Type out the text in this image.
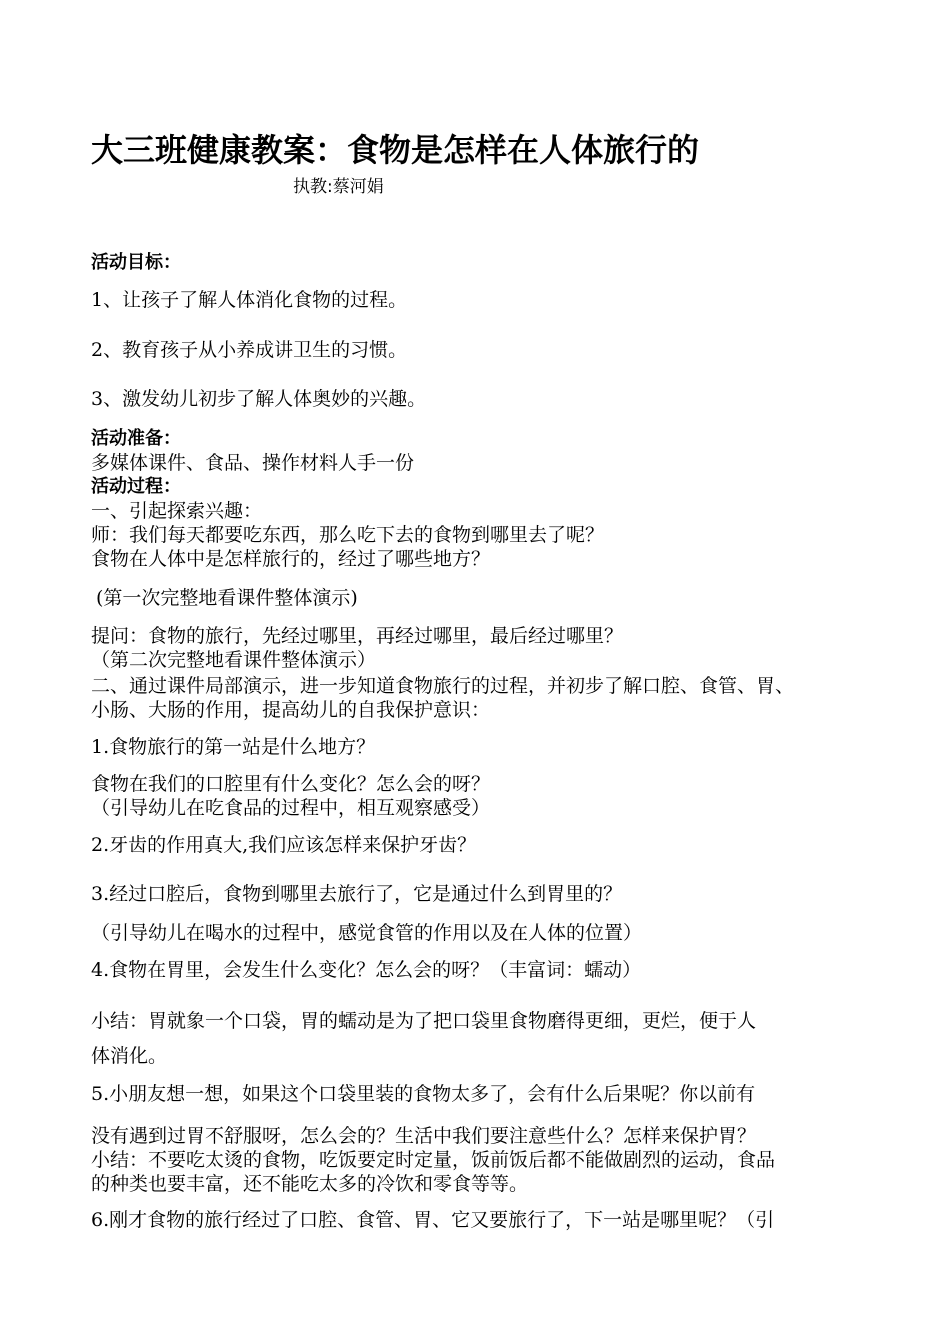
大三班健康教案：食物是怎样在人体旅行的
执教:蔡河娟
活动目标：
1、让孩子了解人体消化食物的过程。
2、教育孩子从小养成讲卫生的习惯。
3、激发幼儿初步了解人体奥妙的兴趣。
活动准备：
多媒体课件、食品、操作材料人手一份
活动过程：
一、引起探索兴趣：
师：我们每天都要吃东西，那么吃下去的食物到哪里去了呢？
食物在人体中是怎样旅行的，经过了哪些地方？
(第一次完整地看课件整体演示)
提问：食物的旅行，先经过哪里，再经过哪里，最后经过哪里？
（第二次完整地看课件整体演示）
二、通过课件局部演示，进一步知道食物旅行的过程，并初步了解口腔、食管、胃、
小肠、大肠的作用，提高幼儿的自我保护意识：
1.食物旅行的第一站是什么地方？
食物在我们的口腔里有什么变化？怎么会的呀？
（引导幼儿在吃食品的过程中，相互观察感受）
2.牙齿的作用真大,我们应该怎样来保护牙齿？
3.经过口腔后，食物到哪里去旅行了，它是通过什么到胃里的？
（引导幼儿在喝水的过程中，感觉食管的作用以及在人体的位置）
4.食物在胃里，会发生什么变化？怎么会的呀？（丰富词：蠕动）
小结：胃就象一个口袋，胃的蠕动是为了把口袋里食物磨得更细，更烂，便于人
体消化。
5.小朋友想一想，如果这个口袋里装的食物太多了，会有什么后果呢？你以前有
没有遇到过胃不舒服呀，怎么会的？生活中我们要注意些什么？怎样来保护胃？
小结：不要吃太烫的食物，吃饭要定时定量，饭前饭后都不能做剧烈的运动，食品
的种类也要丰富，还不能吃太多的冷饮和零食等等。
6.刚才食物的旅行经过了口腔、食管、胃、它又要旅行了，下一站是哪里呢？（引
